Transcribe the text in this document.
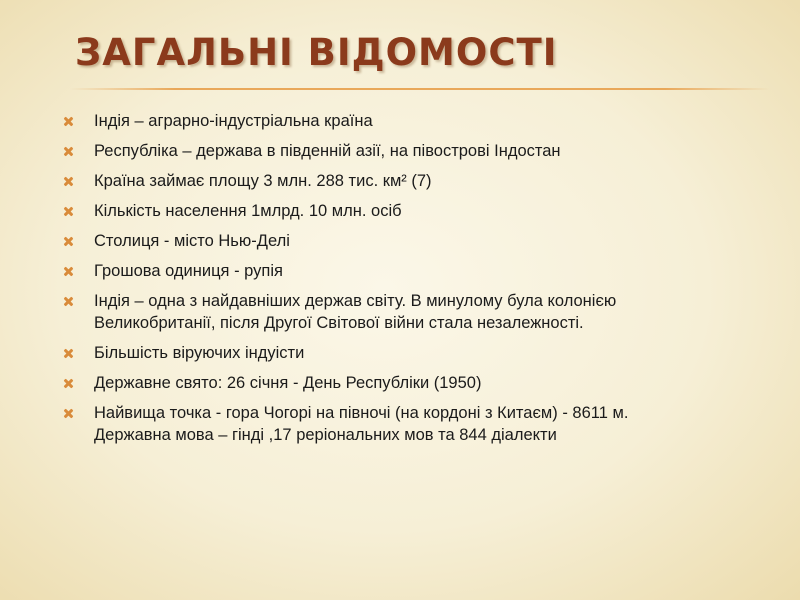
ЗАГАЛЬНІ ВІДОМОСТІ
Індія – аграрно-індустріальна країна
Республіка – держава в південній азії, на півострові Індостан
Країна займає площу 3 млн. 288 тис. км² (7)
Кількість населення 1млрд. 10 млн. осіб
Столиця - місто Нью-Делі
Грошова одиниця - рупія
Індія – одна з найдавніших держав світу. В минулому була колонією
Великобританії, після Другої Світової війни стала незалежності.
Більшість віруючих індуісти
Державне свято: 26 січня - День Республіки (1950)
Найвища точка - гора Чогорі на півночі (на кордоні з Китаєм) - 8611 м.
Державна мова – гінді ,17 реріональних мов та 844 діалекти
